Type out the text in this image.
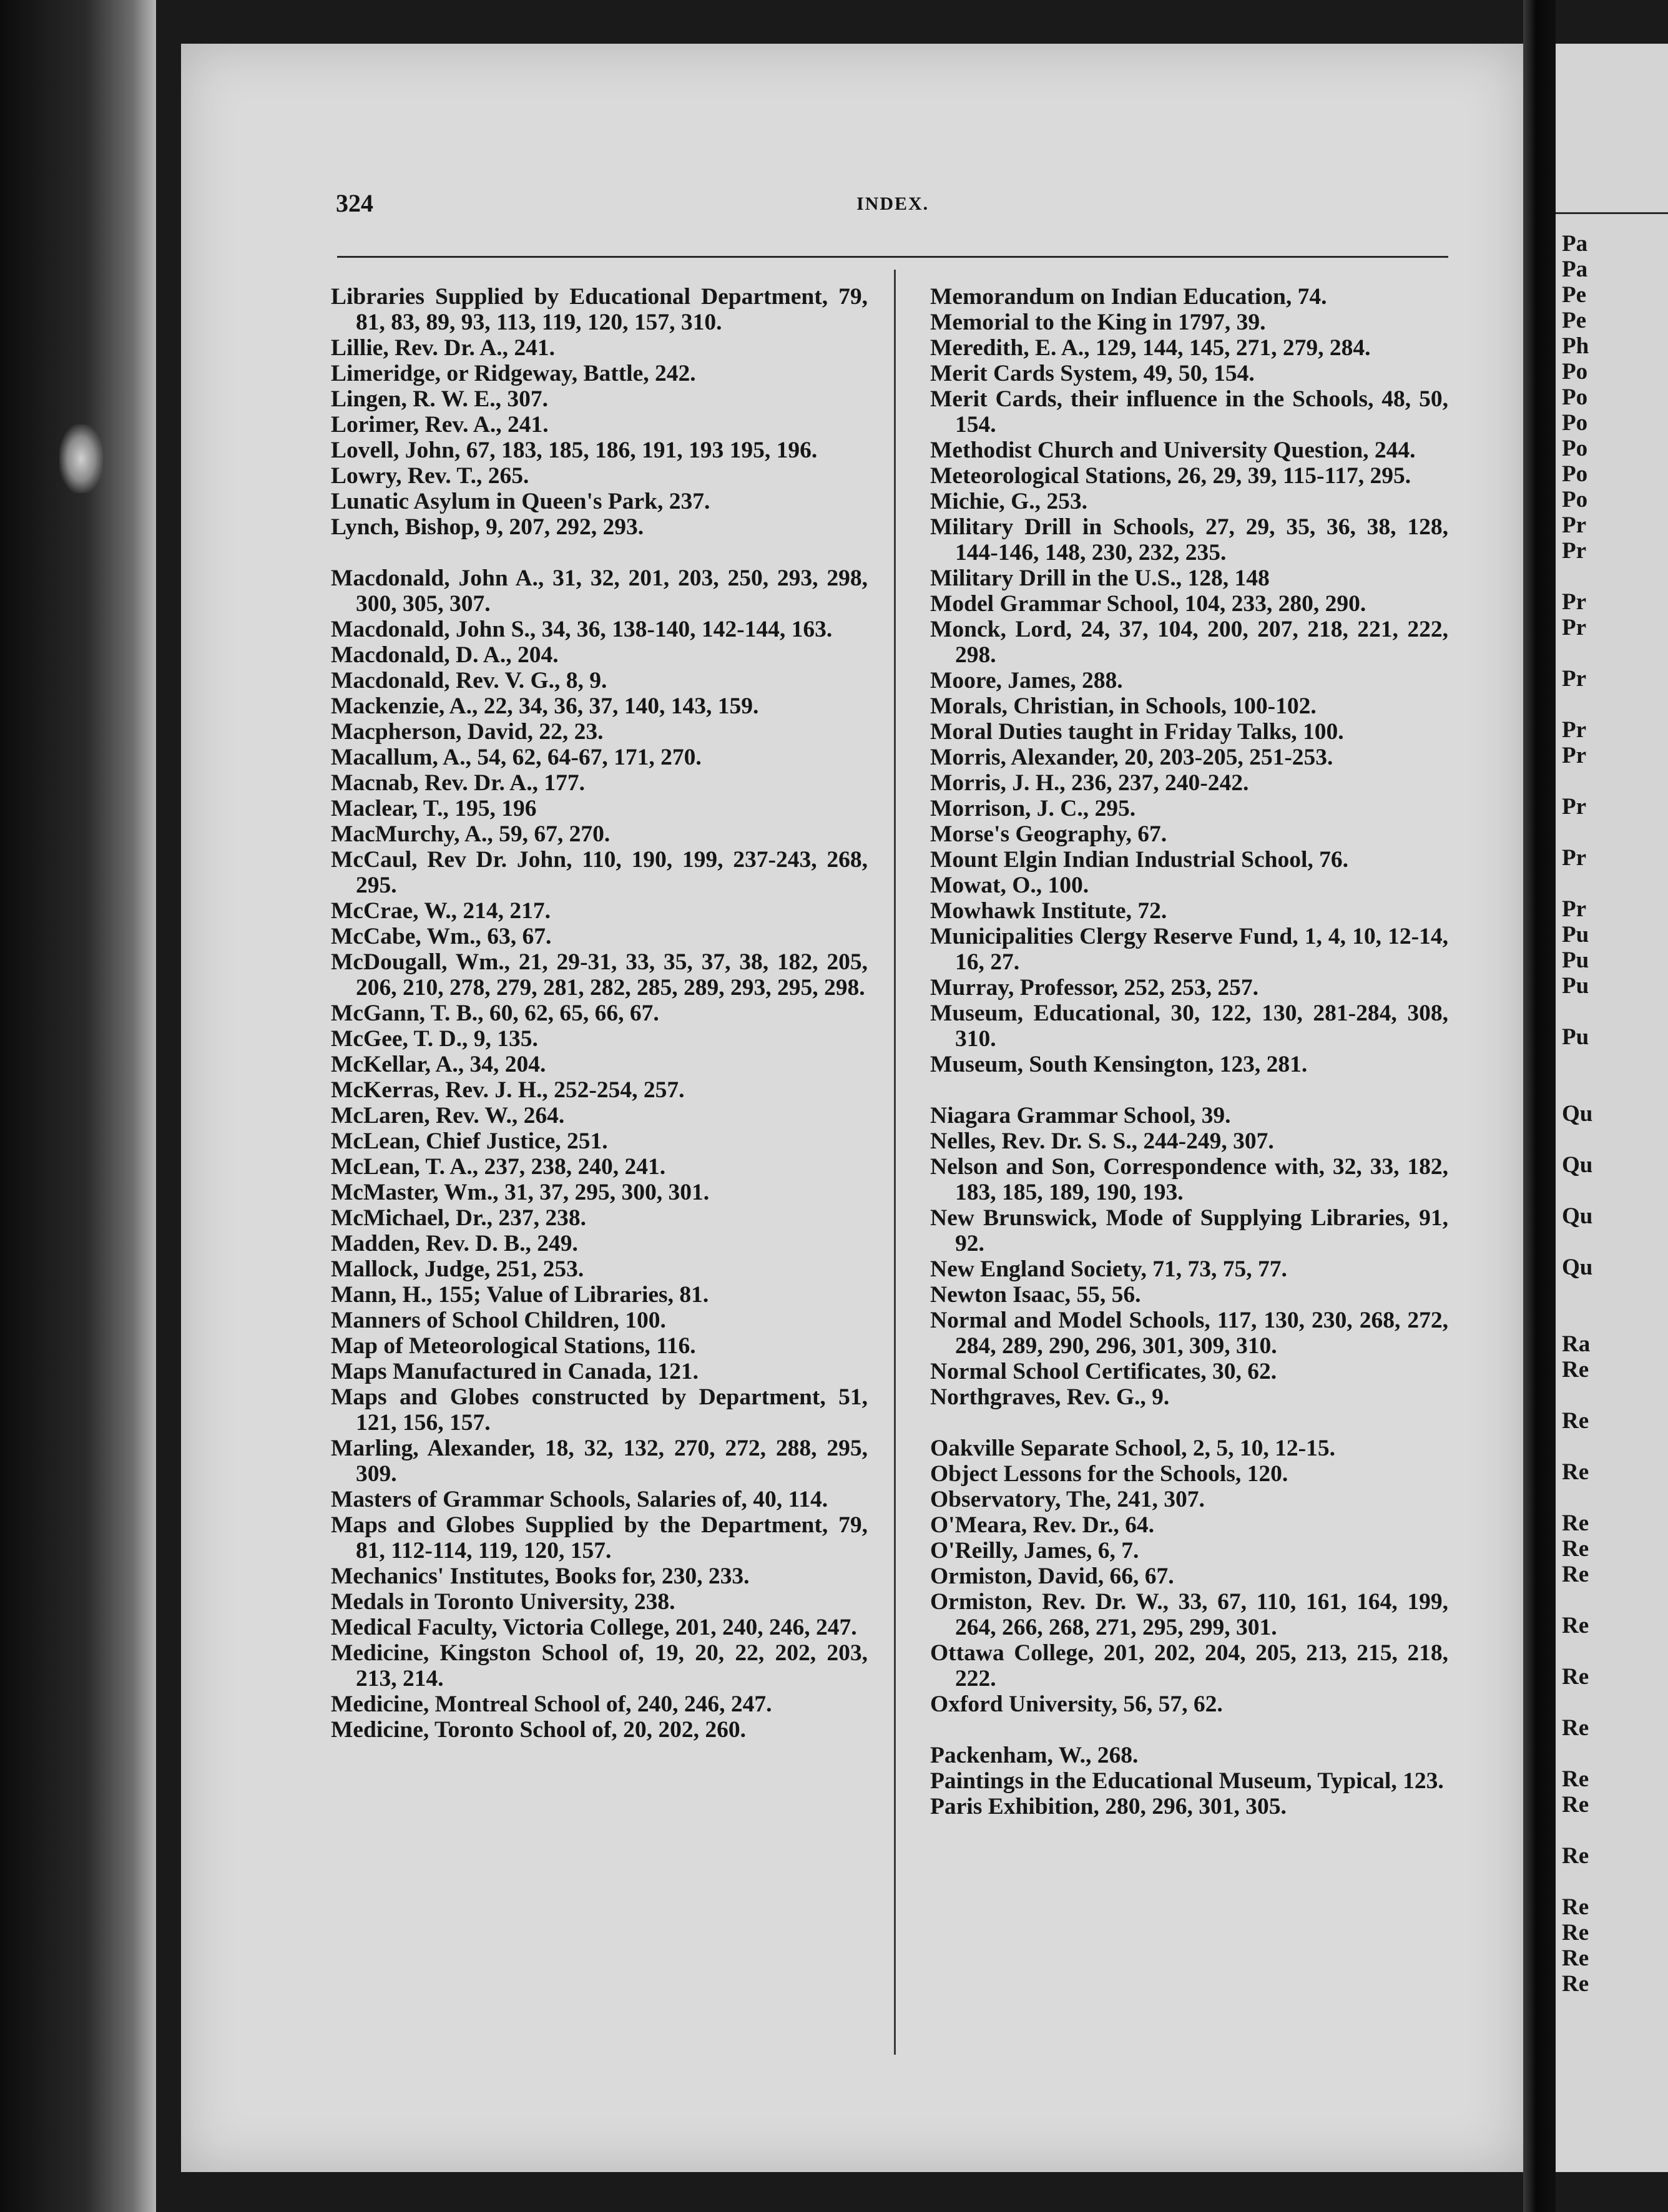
324	INDEX.

Libraries Supplied by Educational Department, 79, 81, 83, 89, 93, 113, 119, 120, 157, 310.

Lillie, Rev. Dr. A., 241.

Limeridge, or Ridgeway, Battle, 242.

Lingen, R. W. E., 307.

Lorimer, Rev. A., 241.

Lovell, John, 67, 183, 185, 186, 191, 193 195, 196.

Lowry, Rev. T., 265.

Lunatic Asylum in Queen's Park, 237.

Lynch, Bishop, 9, 207, 292, 293.

Macdonald, John A., 31, 32, 201, 203, 250, 293, 298, 300, 305, 307.

Macdonald, John S., 34, 36, 138-140, 142-144, 163.

Macdonald, D. A., 204.

Macdonald, Rev. V. G., 8, 9.

Mackenzie, A., 22, 34, 36, 37, 140, 143, 159.

Macpherson, David, 22, 23.

Macallum, A., 54, 62, 64-67, 171, 270.

Macnab, Rev. Dr. A., 177.

Maclear, T., 195, 196

MacMurchy, A., 59, 67, 270.

McCaul, Rev Dr. John, 110, 190, 199, 237-243, 268, 295.

McCrae, W., 214, 217.

McCabe, Wm., 63, 67.

McDougall, Wm., 21, 29-31, 33, 35, 37, 38, 182, 205, 206, 210, 278, 279, 281, 282, 285, 289, 293, 295, 298.

McGann, T. B., 60, 62, 65, 66, 67.

McGee, T. D., 9, 135.

McKellar, A., 34, 204.

McKerras, Rev. J. H., 252-254, 257.

McLaren, Rev. W., 264.

McLean, Chief Justice, 251.

McLean, T. A., 237, 238, 240, 241.

McMaster, Wm., 31, 37, 295, 300, 301.

McMichael, Dr., 237, 238.

Madden, Rev. D. B., 249.

Mallock, Judge, 251, 253.

Mann, H., 155; Value of Libraries, 81.

Manners of School Children, 100.

Map of Meteorological Stations, 116.

Maps Manufactured in Canada, 121.

Maps and Globes constructed by Department, 51, 121, 156, 157.

Marling, Alexander, 18, 32, 132, 270, 272, 288, 295, 309.

Masters of Grammar Schools, Salaries of, 40, 114.

Maps and Globes Supplied by the Department, 79, 81, 112-114, 119, 120, 157.

Mechanics' Institutes, Books for, 230, 233.

Medals in Toronto University, 238.

Medical Faculty, Victoria College, 201, 240, 246, 247.

Medicine, Kingston School of, 19, 20, 22, 202, 203, 213, 214.

Medicine, Montreal School of, 240, 246, 247.

Medicine, Toronto School of, 20, 202, 260.

Memorandum on Indian Education, 74.

Memorial to the King in 1797, 39.

Meredith, E. A., 129, 144, 145, 271, 279, 284.

Merit Cards System, 49, 50, 154.

Merit Cards, their influence in the Schools, 48, 50, 154.

Methodist Church and University Question, 244.

Meteorological Stations, 26, 29, 39, 115-117, 295.

Michie, G., 253.

Military Drill in Schools, 27, 29, 35, 36, 38, 128, 144-146, 148, 230, 232, 235.

Military Drill in the U.S., 128, 148

Model Grammar School, 104, 233, 280, 290.

Monck, Lord, 24, 37, 104, 200, 207, 218, 221, 222, 298.

Moore, James, 288.

Morals, Christian, in Schools, 100-102.

Moral Duties taught in Friday Talks, 100.

Morris, Alexander, 20, 203-205, 251-253.

Morris, J. H., 236, 237, 240-242.

Morrison, J. C., 295.

Morse's Geography, 67.

Mount Elgin Indian Industrial School, 76.

Mowat, O., 100.

Mowhawk Institute, 72.

Municipalities Clergy Reserve Fund, 1, 4, 10, 12-14, 16, 27.

Murray, Professor, 252, 253, 257.

Museum, Educational, 30, 122, 130, 281-284, 308, 310.

Museum, South Kensington, 123, 281.

Niagara Grammar School, 39.

Nelles, Rev. Dr. S. S., 244-249, 307.

Nelson and Son, Correspondence with, 32, 33, 182, 183, 185, 189, 190, 193.

New Brunswick, Mode of Supplying Libraries, 91, 92.

New England Society, 71, 73, 75, 77.

Newton Isaac, 55, 56.

Normal and Model Schools, 117, 130, 230, 268, 272, 284, 289, 290, 296, 301, 309, 310.

Normal School Certificates, 30, 62.

Northgraves, Rev. G., 9.

Oakville Separate School, 2, 5, 10, 12-15.

Object Lessons for the Schools, 120.

Observatory, The, 241, 307.

O'Meara, Rev. Dr., 64.

O'Reilly, James, 6, 7.

Ormiston, David, 66, 67.

Ormiston, Rev. Dr. W., 33, 67, 110, 161, 164, 199, 264, 266, 268, 271, 295, 299, 301.

Ottawa College, 201, 202, 204, 205, 213, 215, 218, 222.

Oxford University, 56, 57, 62.

Packenham, W., 268.

Paintings in the Educational Museum, Typical, 123.

Paris Exhibition, 280, 296, 301, 305.

Pa
Pa
Pe
Pe
Ph
Po
Po
Po
Po
Po
Po
Pr
Pr
Pr
Pr
Pr
Pr
Pr
Pr
Pr
Pr
Pu
Pu
Pu
Pu
Qu
Qu
Qu
Qu
Ra
Re
Re
Re
Re
Re
Re
Re
Re
Re
Re
Re
Re
Re
Re
Re
Re
